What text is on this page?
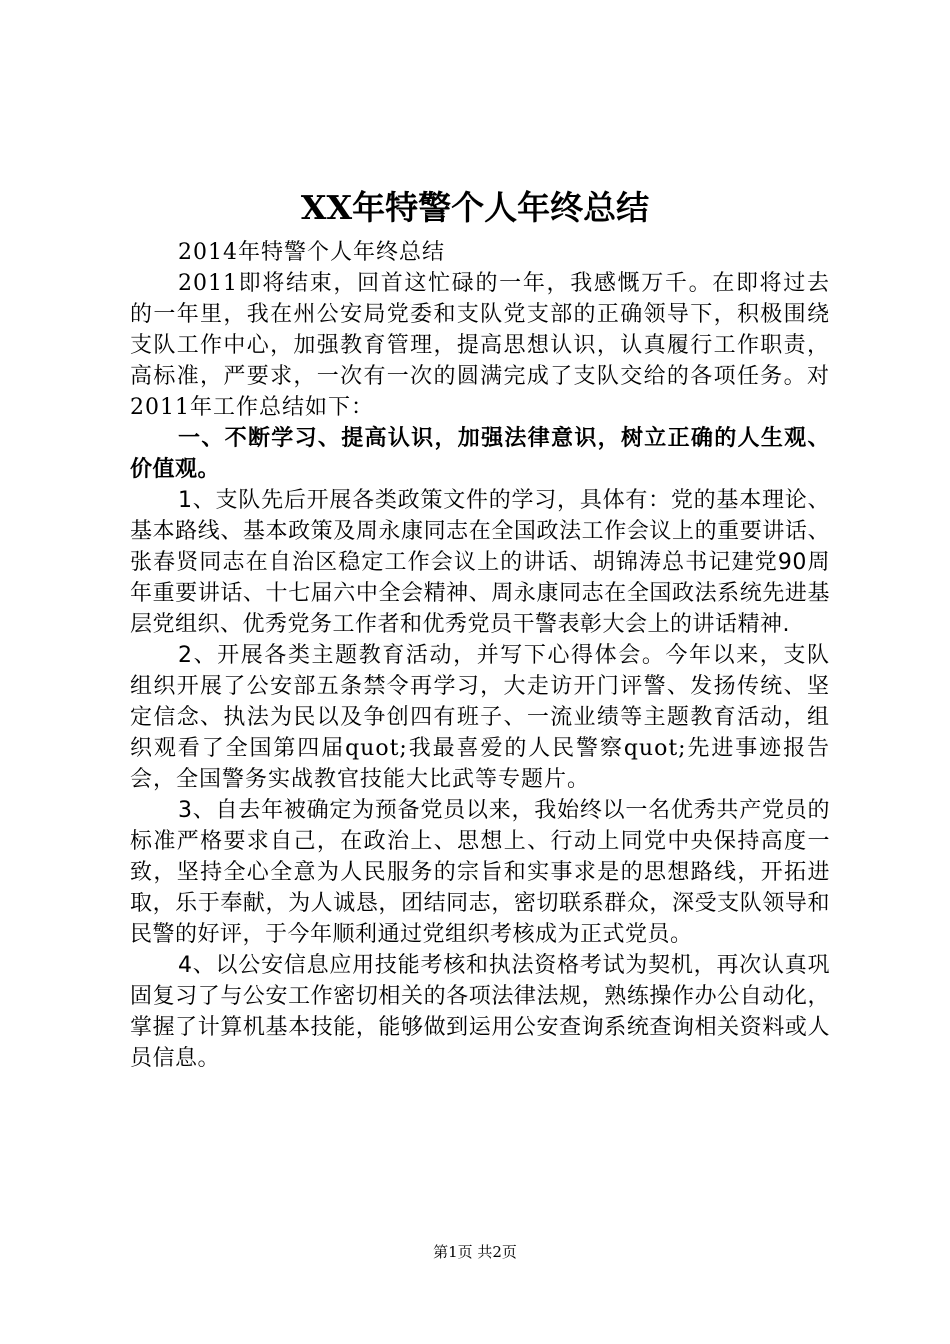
XX年特警个人年终总结

2014年特警个人年终总结

2011即将结束，回首这忙碌的一年，我感慨万千。在即将过去的一年里，我在州公安局党委和支队党支部的正确领导下，积极围绕支队工作中心，加强教育管理，提高思想认识，认真履行工作职责，高标准，严要求，一次有一次的圆满完成了支队交给的各项任务。对2011年工作总结如下：

一、不断学习、提高认识，加强法律意识，树立正确的人生观、价值观。

1、支队先后开展各类政策文件的学习，具体有：党的基本理论、基本路线、基本政策及周永康同志在全国政法工作会议上的重要讲话、张春贤同志在自治区稳定工作会议上的讲话、胡锦涛总书记建党90周年重要讲话、十七届六中全会精神、周永康同志在全国政法系统先进基层党组织、优秀党务工作者和优秀党员干警表彰大会上的讲话精神.

2、开展各类主题教育活动，并写下心得体会。今年以来，支队组织开展了公安部五条禁令再学习，大走访开门评警、发扬传统、坚定信念、执法为民以及争创四有班子、一流业绩等主题教育活动，组织观看了全国第四届quot;我最喜爱的人民警察quot;先进事迹报告会，全国警务实战教官技能大比武等专题片。

3、自去年被确定为预备党员以来，我始终以一名优秀共产党员的标准严格要求自己，在政治上、思想上、行动上同党中央保持高度一致，坚持全心全意为人民服务的宗旨和实事求是的思想路线，开拓进取，乐于奉献，为人诚恳，团结同志，密切联系群众，深受支队领导和民警的好评，于今年顺利通过党组织考核成为正式党员。

4、以公安信息应用技能考核和执法资格考试为契机，再次认真巩固复习了与公安工作密切相关的各项法律法规，熟练操作办公自动化，掌握了计算机基本技能，能够做到运用公安查询系统查询相关资料或人员信息。

第1页 共2页
